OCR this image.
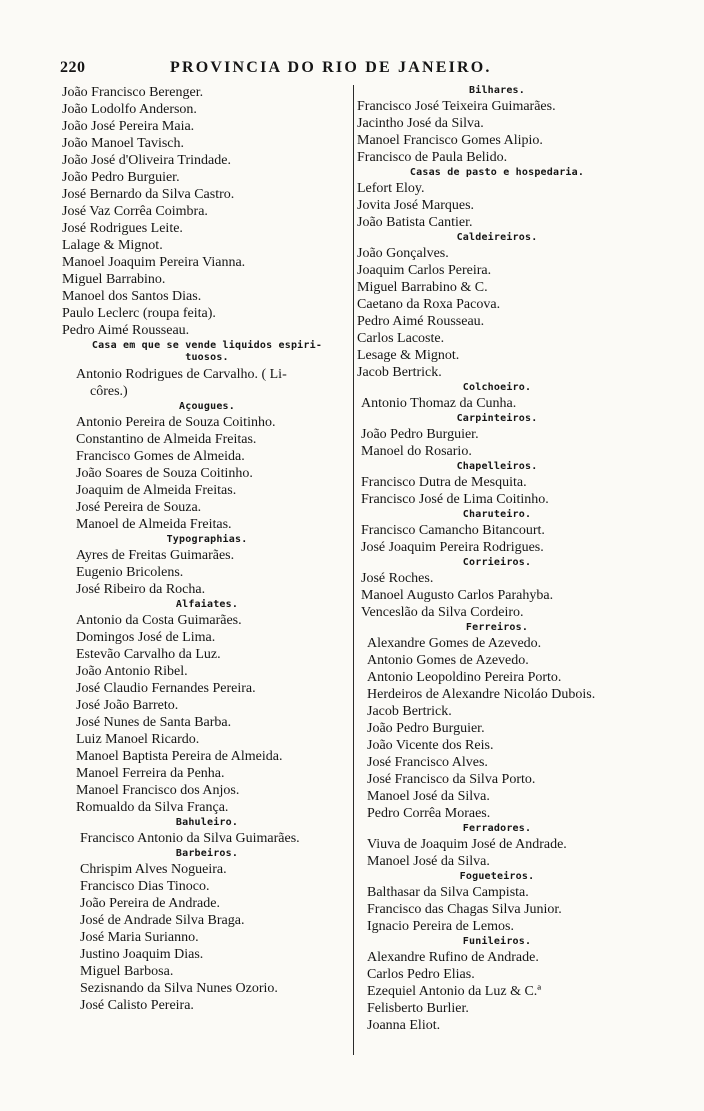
220	PROVINCIA DO RIO DE JANEIRO.
João Francisco Berenger.
João Lodolfo Anderson.
João José Pereira Maia.
João Manoel Tavisch.
João José d'Oliveira Trindade.
João Pedro Burguier.
José Bernardo da Silva Castro.
José Vaz Corrêa Coimbra.
José Rodrigues Leite.
Lalage & Mignot.
Manoel Joaquim Pereira Vianna.
Miguel Barrabino.
Manoel dos Santos Dias.
Paulo Leclerc (roupa feita).
Pedro Aimé Rousseau.
Casa em que se vende liquidos espiri-
tuosos.
Antonio Rodrigues de Carvalho. ( Li-
côres.)
Açougues.
Antonio Pereira de Souza Coitinho.
Constantino de Almeida Freitas.
Francisco Gomes de Almeida.
João Soares de Souza Coitinho.
Joaquim de Almeida Freitas.
José Pereira de Souza.
Manoel de Almeida Freitas.
Typographias.
Ayres de Freitas Guimarães.
Eugenio Bricolens.
José Ribeiro da Rocha.
Alfaiates.
Antonio da Costa Guimarães.
Domingos José de Lima.
Estevão Carvalho da Luz.
João Antonio Ribel.
José Claudio Fernandes Pereira.
José João Barreto.
José Nunes de Santa Barba.
Luiz Manoel Ricardo.
Manoel Baptista Pereira de Almeida.
Manoel Ferreira da Penha.
Manoel Francisco dos Anjos.
Romualdo da Silva França.
Bahuleiro.
Francisco Antonio da Silva Guimarães.
Barbeiros.
Chrispim Alves Nogueira.
Francisco Dias Tinoco.
João Pereira de Andrade.
José de Andrade Silva Braga.
José Maria Surianno.
Justino Joaquim Dias.
Miguel Barbosa.
Sezisnando da Silva Nunes Ozorio.
José Calisto Pereira.
Bilhares.
Francisco José Teixeira Guimarães.
Jacintho José da Silva.
Manoel Francisco Gomes Alipio.
Francisco de Paula Belido.
Casas de pasto e hospedaria.
Lefort Eloy.
Jovita José Marques.
João Batista Cantier.
Caldeireiros.
João Gonçalves.
Joaquim Carlos Pereira.
Miguel Barrabino & C.
Caetano da Roxa Pacova.
Pedro Aimé Rousseau.
Carlos Lacoste.
Lesage & Mignot.
Jacob Bertrick.
Colchoeiro.
Antonio Thomaz da Cunha.
Carpinteiros.
João Pedro Burguier.
Manoel do Rosario.
Chapelleiros.
Francisco Dutra de Mesquita.
Francisco José de Lima Coitinho.
Charuteiro.
Francisco Camancho Bitancourt.
José Joaquim Pereira Rodrigues.
Corrieiros.
José Roches.
Manoel Augusto Carlos Parahyba.
Venceslão da Silva Cordeiro.
Ferreiros.
Alexandre Gomes de Azevedo.
Antonio Gomes de Azevedo.
Antonio Leopoldino Pereira Porto.
Herdeiros de Alexandre Nicoláo Dubois.
Jacob Bertrick.
João Pedro Burguier.
João Vicente dos Reis.
José Francisco Alves.
José Francisco da Silva Porto.
Manoel José da Silva.
Pedro Corrêa Moraes.
Ferradores.
Viuva de Joaquim José de Andrade.
Manoel José da Silva.
Fogueteiros.
Balthasar da Silva Campista.
Francisco das Chagas Silva Junior.
Ignacio Pereira de Lemos.
Funileiros.
Alexandre Rufino de Andrade.
Carlos Pedro Elias.
Ezequiel Antonio da Luz & C.ª
Felisberto Burlier.
Joanna Eliot.
